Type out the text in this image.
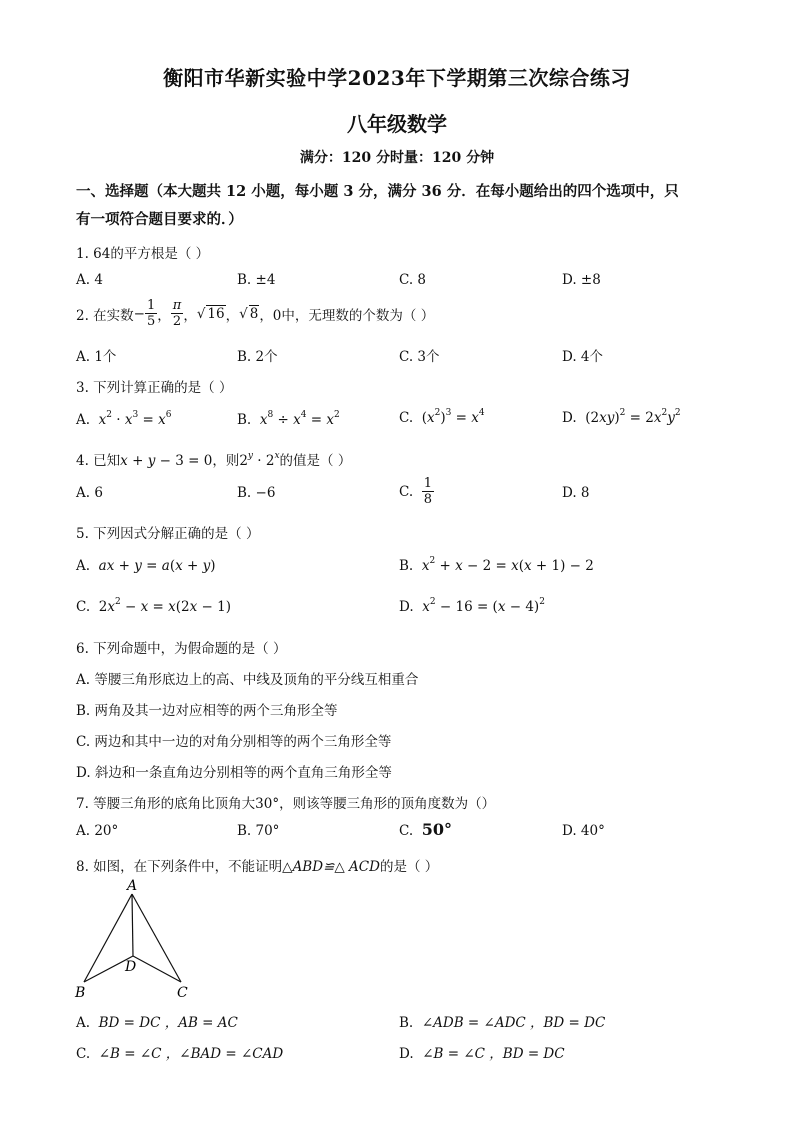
衡阳市华新实验中学2023年下学期第三次综合练习
八年级数学
满分：120 分时量：120 分钟
一、选择题（本大题共 12 小题，每小题 3 分，满分 36 分．在每小题给出的四个选项中，只
有一项符合题目要求的．）
1. 64的平方根是（ ）
A. 4	B. ±4	C. 8	D. ±8
2. 在实数 − $\frac{1}{5}$ ， $\frac{\pi}{2}$ ， √ 16 ， √ 8 ，0中，无理数的个数为（ ）
A. 1个	B. 2个	C. 3个	D. 4个
3. 下列计算正确的是（ ）
A. $x^2 \cdot x^3 = x^6$	B. $x^8 \div x^4 = x^2$	C.  $(x^2)^3 = x^4$	D.  $(2xy)^2 = 2x^2y^2$
4. 已知x + y − 3 = 0，则$2^y \cdot 2^x$的值是（ ）
A. 6	B. −6	C.
$\frac{1}{8}$	D. 8
5. 下列因式分解正确的是（ ）
A. ax + y = a(x + y)	B. $x^2 + x - 2 = x(x + 1) - 2$
C.  $2x^2 - x = x(2x - 1)$	D. $x^2 - 16 = (x - 4)^2$
6. 下列命题中，为假命题的是（ ）
A. 等腰三角形底边上的高、中线及顶角的平分线互相重合
B. 两角及其一边对应相等的两个三角形全等
C. 两边和其中一边的对角分别相等的两个三角形全等
D. 斜边和一条直角边分别相等的两个直角三角形全等
7. 等腰三角形的底角比顶角大30°，则该等腰三角形的顶角度数为（）
A. 20°	B. 70°	C. 50°	D. 40°
8. 如图，在下列条件中，不能证明△ABD≌△ ACD的是（ ）
A
B	C
D
A. BD = DC ，AB = AC	B. ∠ADB = ∠ADC ，BD = DC
C. ∠B = ∠C ，∠BAD = ∠CAD	D. ∠B = ∠C ，BD = DC
